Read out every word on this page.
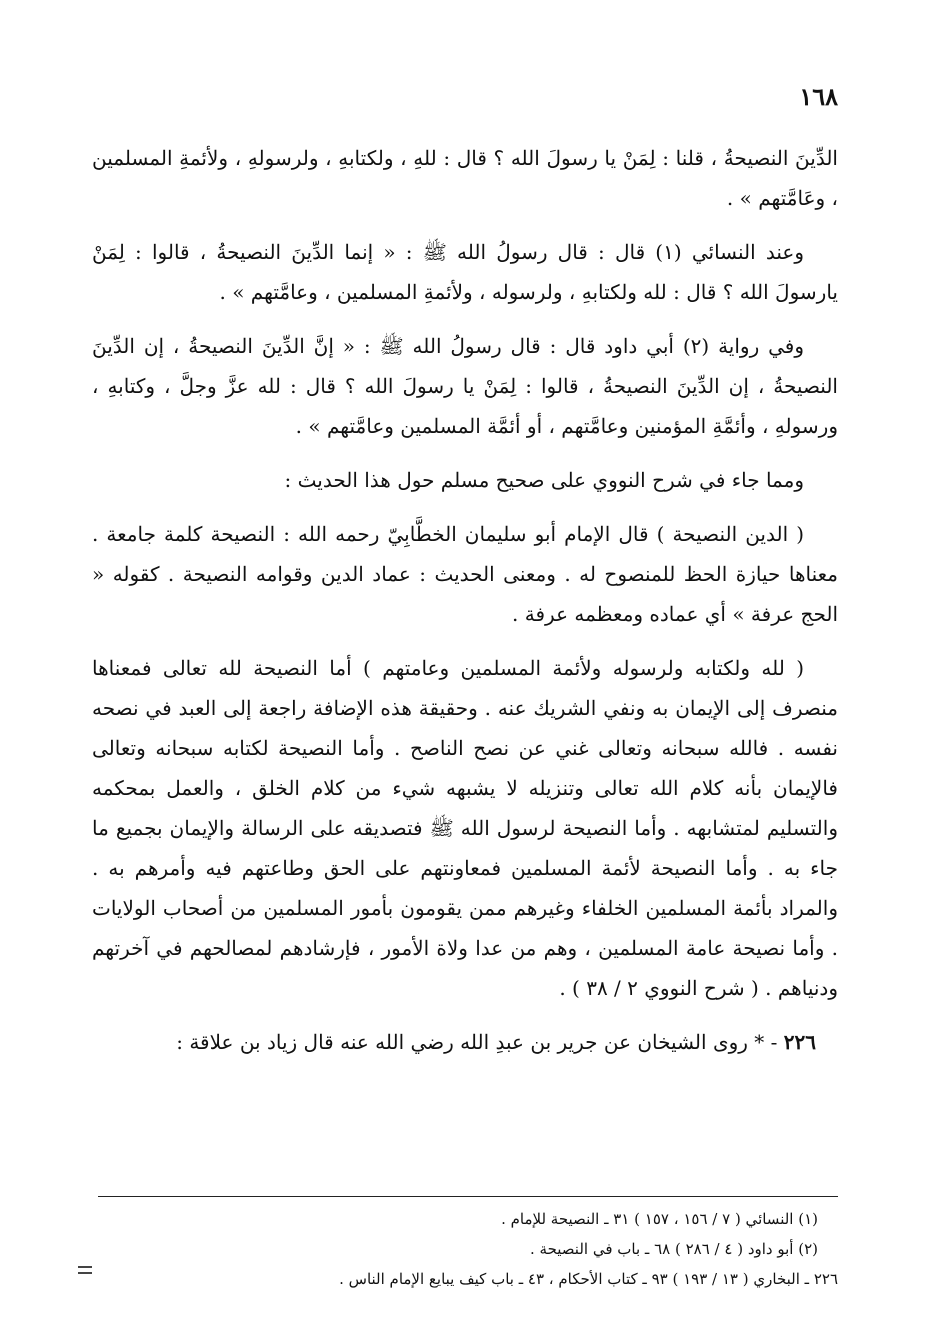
١٦٨

الدِّينَ النصيحةُ ، قلنا : لِمَنْ يا رسولَ الله ؟ قال : للهِ ، ولكتابهِ ، ولرسولهِ ، ولأئمةِ المسلمين ، وعَامَّتهم » .

وعند النسائي (١) قال : قال رسولُ الله ﷺ : « إنما الدِّينَ النصيحةُ ، قالوا : لِمَنْ يارسولَ الله ؟ قال : لله ولكتابهِ ، ولرسوله ، ولأئمةِ المسلمين ، وعامَّتهم » .

وفي رواية (٢) أبي داود قال : قال رسولُ الله ﷺ : « إنَّ الدِّينَ النصيحةُ ، إن الدِّينَ النصيحةُ ، إن الدِّينَ النصيحةُ ، قالوا : لِمَنْ يا رسولَ الله ؟ قال : لله عزَّ وجلَّ ، وكتابهِ ، ورسولهِ ، وأئمَّةِ المؤمنين وعامَّتهم ، أو أئمَّة المسلمين وعامَّتهم » .

ومما جاء في شرح النووي على صحيح مسلم حول هذا الحديث :

( الدين النصيحة ) قال الإمام أبو سليمان الخطَّابِيّ رحمه الله : النصيحة كلمة جامعة . معناها حيازة الحظ للمنصوح له . ومعنى الحديث : عماد الدين وقوامه النصيحة . كقوله « الحج عرفة » أي عماده ومعظمه عرفة .

( لله ولكتابه ولرسوله ولأئمة المسلمين وعامتهم ) أما النصيحة لله تعالى فمعناها منصرف إلى الإيمان به ونفي الشريك عنه . وحقيقة هذه الإضافة راجعة إلى العبد في نصحه نفسه . فالله سبحانه وتعالى غني عن نصح الناصح . وأما النصيحة لكتابه سبحانه وتعالى فالإيمان بأنه كلام الله تعالى وتنزيله لا يشبهه شيء من كلام الخلق ، والعمل بمحكمه والتسليم لمتشابهه . وأما النصيحة لرسول الله ﷺ فتصديقه على الرسالة والإيمان بجميع ما جاء به . وأما النصيحة لأئمة المسلمين فمعاونتهم على الحق وطاعتهم فيه وأمرهم به . والمراد بأئمة المسلمين الخلفاء وغيرهم ممن يقومون بأمور المسلمين من أصحاب الولايات . وأما نصيحة عامة المسلمين ، وهم من عدا ولاة الأمور ، فإرشادهم لمصالحهم في آخرتهم ودنياهم . ( شرح النووي ٢ / ٣٨ ) .

٢٢٦ - * روى الشيخان عن جرير بن عبدِ الله رضي الله عنه قال زياد بن علاقة :

(١) النسائي ( ٧ / ١٥٦ ، ١٥٧ ) ٣١ ـ النصيحة للإمام .

(٢) أبو داود ( ٤ / ٢٨٦ ) ٦٨ ـ باب في النصيحة .

٢٢٦ ـ البخاري ( ١٣ / ١٩٣ ) ٩٣ ـ كتاب الأحكام ، ٤٣ ـ باب كيف يبايع الإمام الناس .
